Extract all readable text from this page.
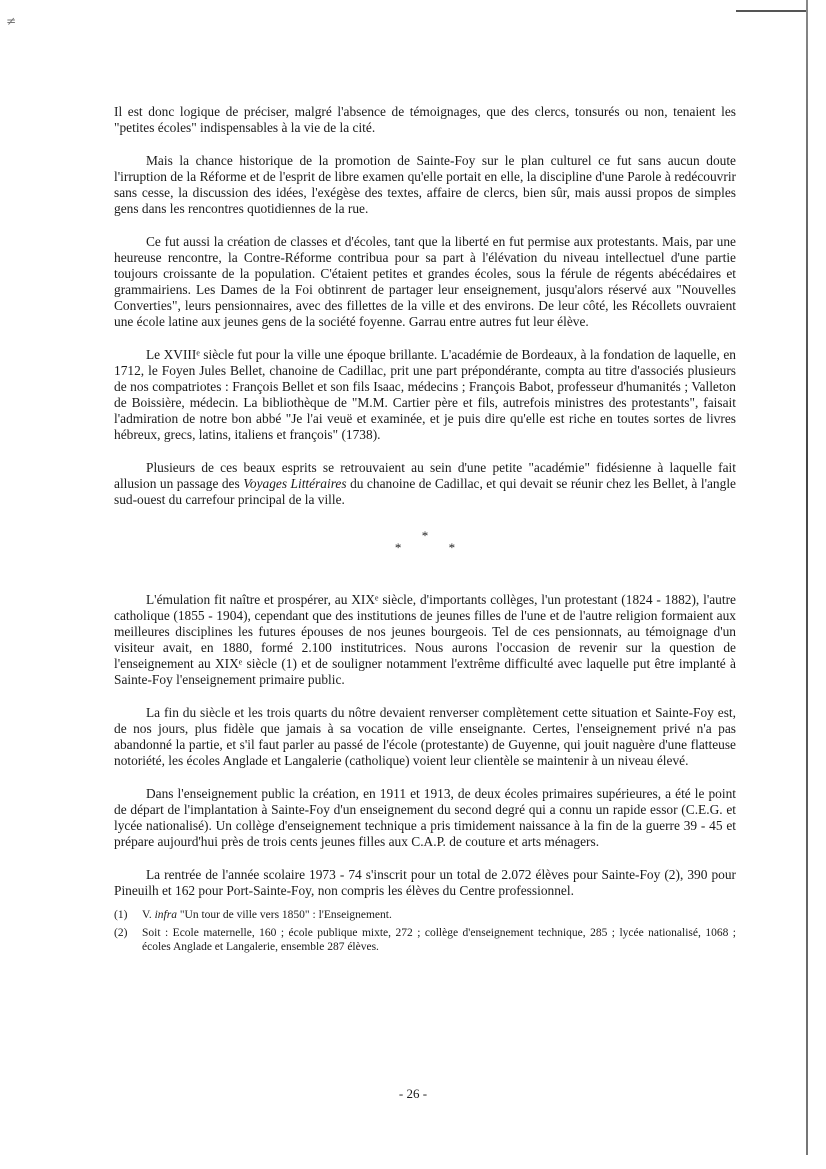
≠

Il est donc logique de préciser, malgré l'absence de témoignages, que des clercs, tonsurés ou non, tenaient les "petites écoles" indispensables à la vie de la cité.

Mais la chance historique de la promotion de Sainte-Foy sur le plan culturel ce fut sans aucun doute l'irruption de la Réforme et de l'esprit de libre examen qu'elle portait en elle, la discipline d'une Parole à redécouvrir sans cesse, la discussion des idées, l'exégèse des textes, affaire de clercs, bien sûr, mais aussi propos de simples gens dans les rencontres quotidiennes de la rue.

Ce fut aussi la création de classes et d'écoles, tant que la liberté en fut permise aux protestants. Mais, par une heureuse rencontre, la Contre-Réforme contribua pour sa part à l'élévation du niveau intellectuel d'une partie toujours croissante de la population. C'étaient petites et grandes écoles, sous la férule de régents abécédaires et grammairiens. Les Dames de la Foi obtinrent de partager leur enseignement, jusqu'alors réservé aux "Nouvelles Converties", leurs pensionnaires, avec des fillettes de la ville et des environs. De leur côté, les Récollets ouvraient une école latine aux jeunes gens de la société foyenne. Garrau entre autres fut leur élève.

Le XVIIIᵉ siècle fut pour la ville une époque brillante. L'académie de Bordeaux, à la fondation de laquelle, en 1712, le Foyen Jules Bellet, chanoine de Cadillac, prit une part prépondérante, compta au titre d'associés plusieurs de nos compatriotes : François Bellet et son fils Isaac, médecins ; François Babot, professeur d'humanités ; Valleton de Boissière, médecin. La bibliothèque de "M.M. Cartier père et fils, autrefois ministres des protestants", faisait l'admiration de notre bon abbé "Je l'ai veuë et examinée, et je puis dire qu'elle est riche en toutes sortes de livres hébreux, grecs, latins, italiens et françois" (1738).

Plusieurs de ces beaux esprits se retrouvaient au sein d'une petite "académie" fidésienne à laquelle fait allusion un passage des Voyages Littéraires du chanoine de Cadillac, et qui devait se réunir chez les Bellet, à l'angle sud-ouest du carrefour principal de la ville.

*
* *

L'émulation fit naître et prospérer, au XIXᵉ siècle, d'importants collèges, l'un protestant (1824 - 1882), l'autre catholique (1855 - 1904), cependant que des institutions de jeunes filles de l'une et de l'autre religion formaient aux meilleures disciplines les futures épouses de nos jeunes bourgeois. Tel de ces pensionnats, au témoignage d'un visiteur avait, en 1880, formé 2.100 institutrices. Nous aurons l'occasion de revenir sur la question de l'enseignement au XIXᵉ siècle (1) et de souligner notamment l'extrême difficulté avec laquelle put être implanté à Sainte-Foy l'enseignement primaire public.

La fin du siècle et les trois quarts du nôtre devaient renverser complètement cette situation et Sainte-Foy est, de nos jours, plus fidèle que jamais à sa vocation de ville enseignante. Certes, l'enseignement privé n'a pas abandonné la partie, et s'il faut parler au passé de l'école (protestante) de Guyenne, qui jouit naguère d'une flatteuse notoriété, les écoles Anglade et Langalerie (catholique) voient leur clientèle se maintenir à un niveau élevé.

Dans l'enseignement public la création, en 1911 et 1913, de deux écoles primaires supérieures, a été le point de départ de l'implantation à Sainte-Foy d'un enseignement du second degré qui a connu un rapide essor (C.E.G. et lycée nationalisé). Un collège d'enseignement technique a pris timidement naissance à la fin de la guerre 39 - 45 et prépare aujourd'hui près de trois cents jeunes filles aux C.A.P. de couture et arts ménagers.

La rentrée de l'année scolaire 1973 - 74 s'inscrit pour un total de 2.072 élèves pour Sainte-Foy (2), 390 pour Pineuilh et 162 pour Port-Sainte-Foy, non compris les élèves du Centre professionnel.

(1)	V. infra "Un tour de ville vers 1850" : l'Enseignement.
(2)	Soit : Ecole maternelle, 160 ; école publique mixte, 272 ; collège d'enseignement technique, 285 ; lycée nationalisé, 1068 ; écoles Anglade et Langalerie, ensemble 287 élèves.
- 26 -
